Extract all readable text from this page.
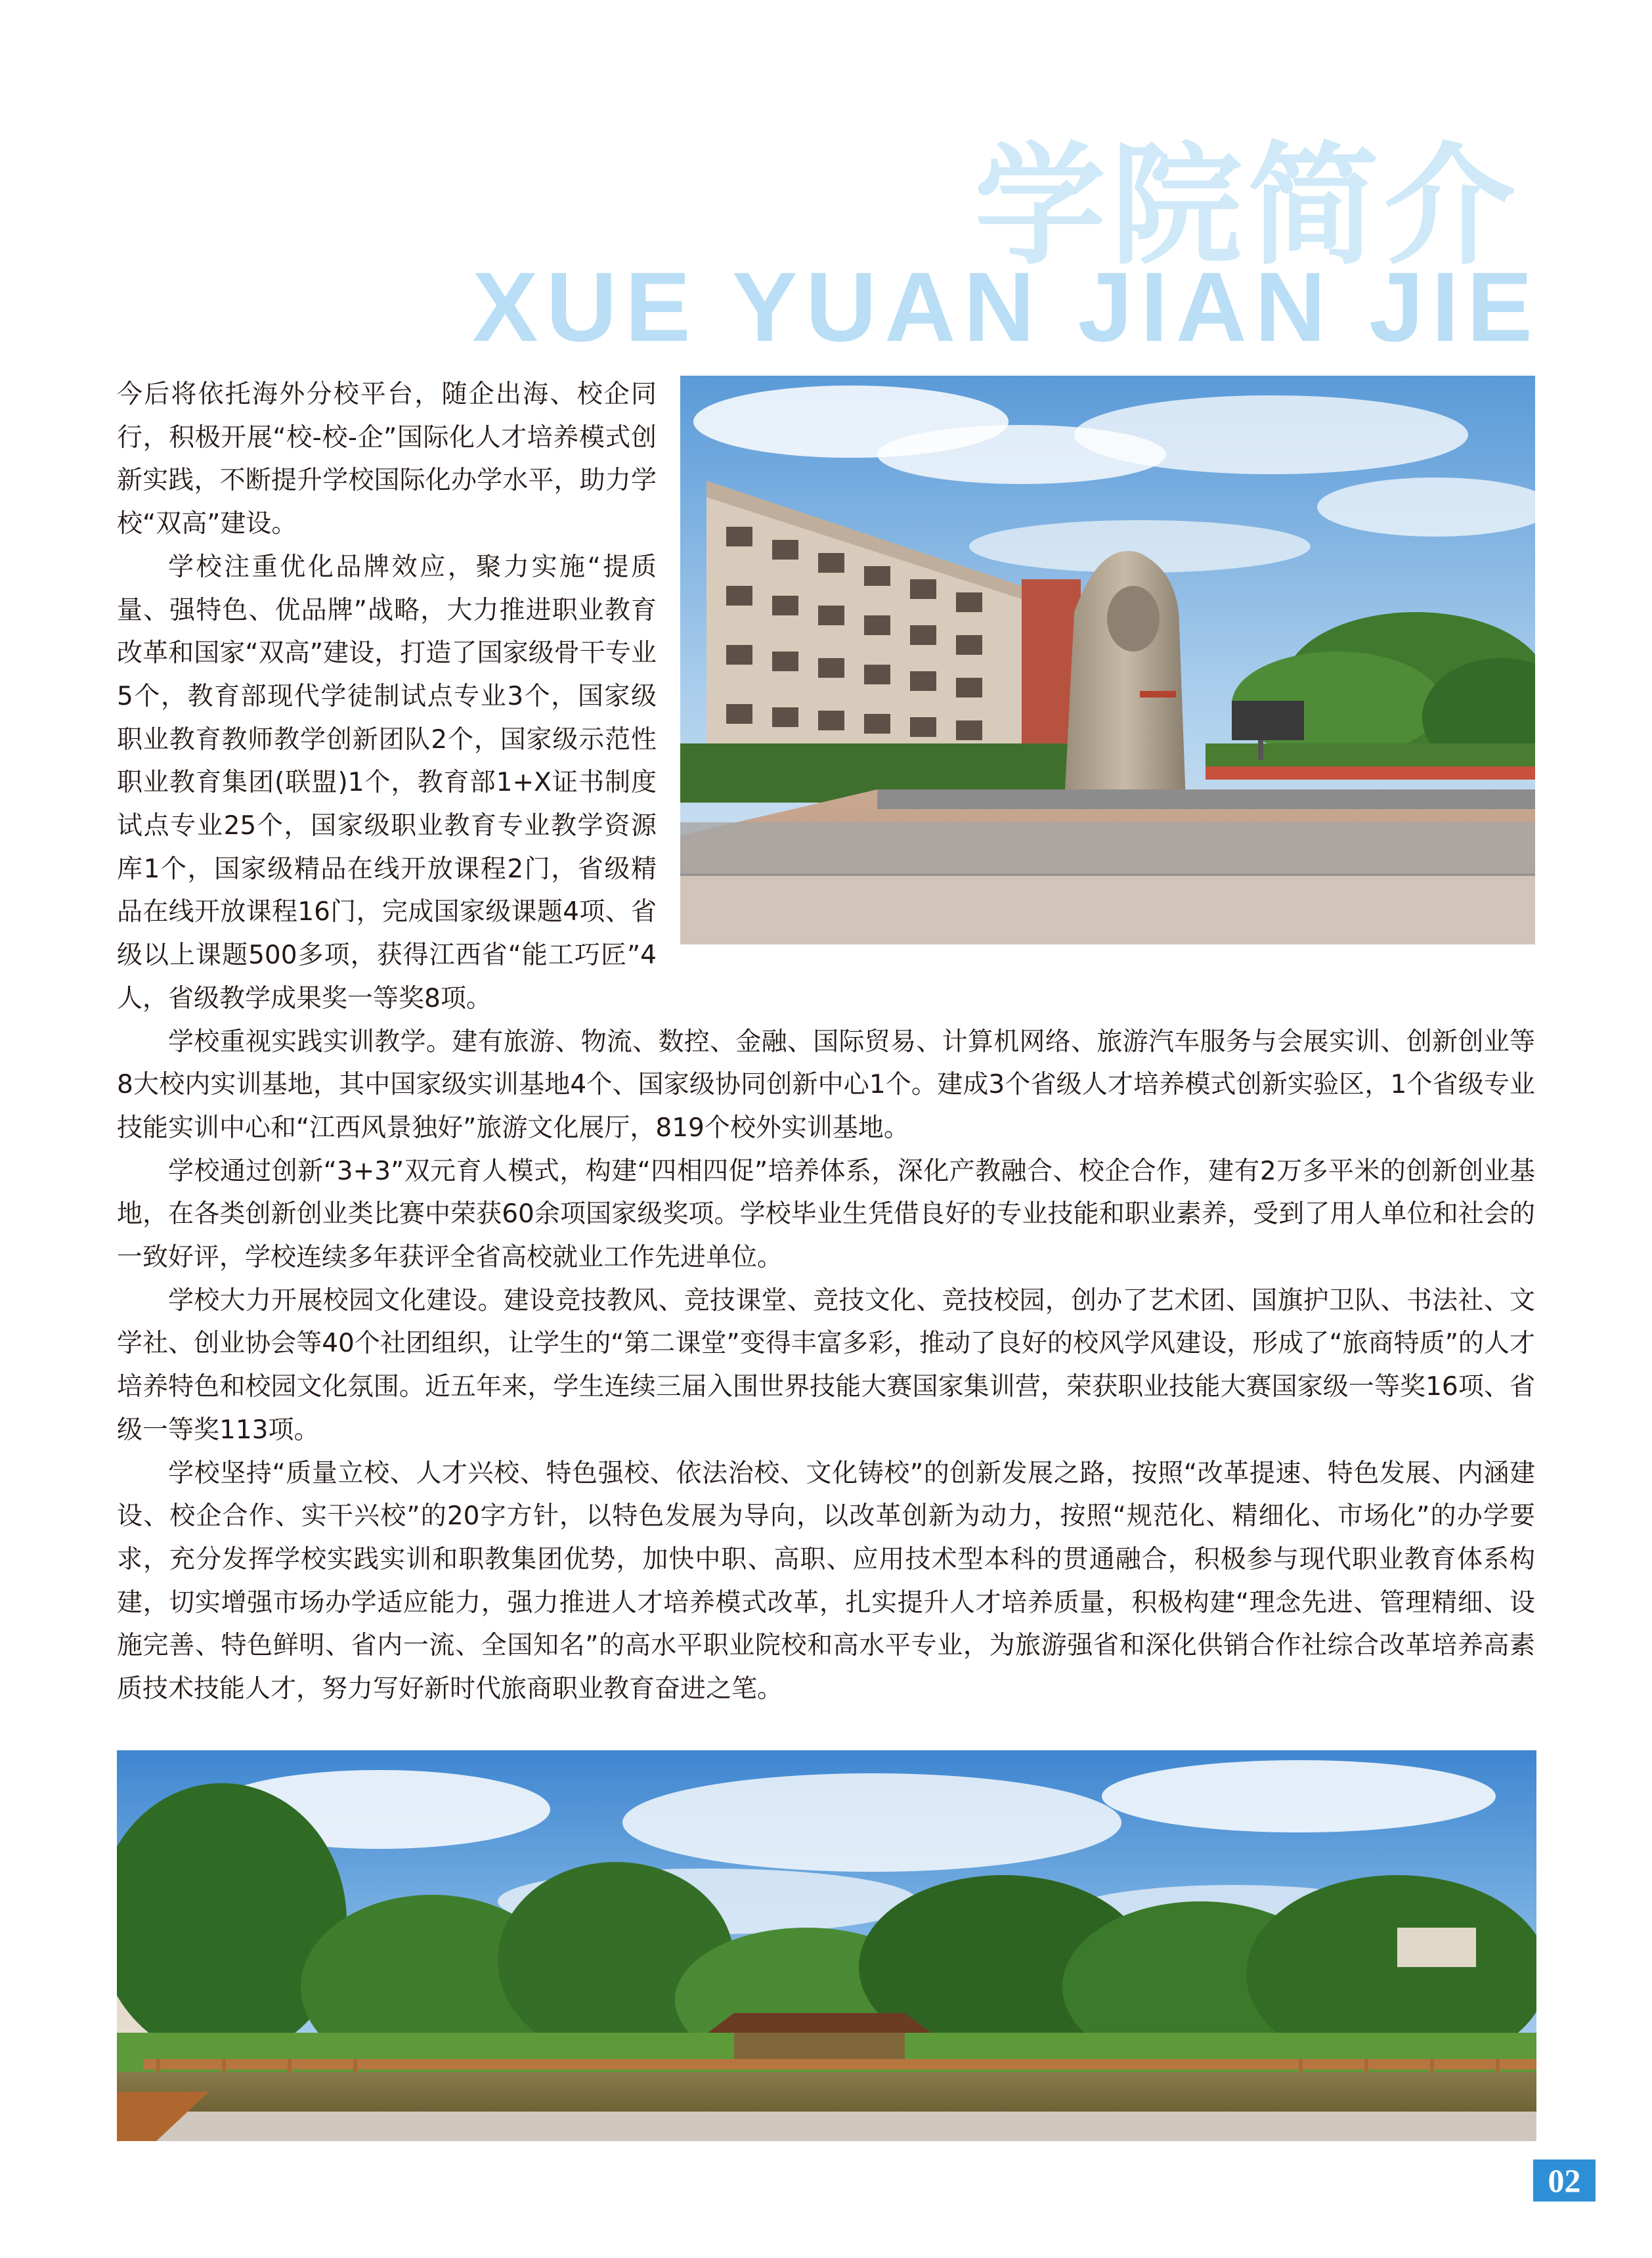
学院简介
XUE YUAN JIAN JIE

今后将依托海外分校平台，随企出海、校企同行，积极开展“校-校-企”国际化人才培养模式创新实践，不断提升学校国际化办学水平，助力学校“双高”建设。

学校注重优化品牌效应，聚力实施“提质量、强特色、优品牌”战略，大力推进职业教育改革和国家“双高”建设，打造了国家级骨干专业5个，教育部现代学徒制试点专业3个，国家级职业教育教师教学创新团队2个，国家级示范性职业教育集团(联盟)1个，教育部1+X证书制度试点专业25个，国家级职业教育专业教学资源库1个，国家级精品在线开放课程2门，省级精品在线开放课程16门，完成国家级课题4项、省级以上课题500多项，获得江西省“能工巧匠”4人，省级教学成果奖一等奖8项。

学校重视实践实训教学。建有旅游、物流、数控、金融、国际贸易、计算机网络、旅游汽车服务与会展实训、创新创业等8大校内实训基地，其中国家级实训基地4个、国家级协同创新中心1个。建成3个省级人才培养模式创新实验区，1个省级专业技能实训中心和“江西风景独好”旅游文化展厅，819个校外实训基地。

学校通过创新“3+3”双元育人模式，构建“四相四促”培养体系，深化产教融合、校企合作，建有2万多平米的创新创业基地，在各类创新创业类比赛中荣获60余项国家级奖项。学校毕业生凭借良好的专业技能和职业素养，受到了用人单位和社会的一致好评，学校连续多年获评全省高校就业工作先进单位。

学校大力开展校园文化建设。建设竞技教风、竞技课堂、竞技文化、竞技校园，创办了艺术团、国旗护卫队、书法社、文学社、创业协会等40个社团组织，让学生的“第二课堂”变得丰富多彩，推动了良好的校风学风建设，形成了“旅商特质”的人才培养特色和校园文化氛围。近五年来，学生连续三届入围世界技能大赛国家集训营，荣获职业技能大赛国家级一等奖16项、省级一等奖113项。

学校坚持“质量立校、人才兴校、特色强校、依法治校、文化铸校”的创新发展之路，按照“改革提速、特色发展、内涵建设、校企合作、实干兴校”的20字方针，以特色发展为导向，以改革创新为动力，按照“规范化、精细化、市场化”的办学要求，充分发挥学校实践实训和职教集团优势，加快中职、高职、应用技术型本科的贯通融合，积极参与现代职业教育体系构建，切实增强市场办学适应能力，强力推进人才培养模式改革，扎实提升人才培养质量，积极构建“理念先进、管理精细、设施完善、特色鲜明、省内一流、全国知名”的高水平职业院校和高水平专业，为旅游强省和深化供销合作社综合改革培养高素质技术技能人才，努力写好新时代旅商职业教育奋进之笔。

02
